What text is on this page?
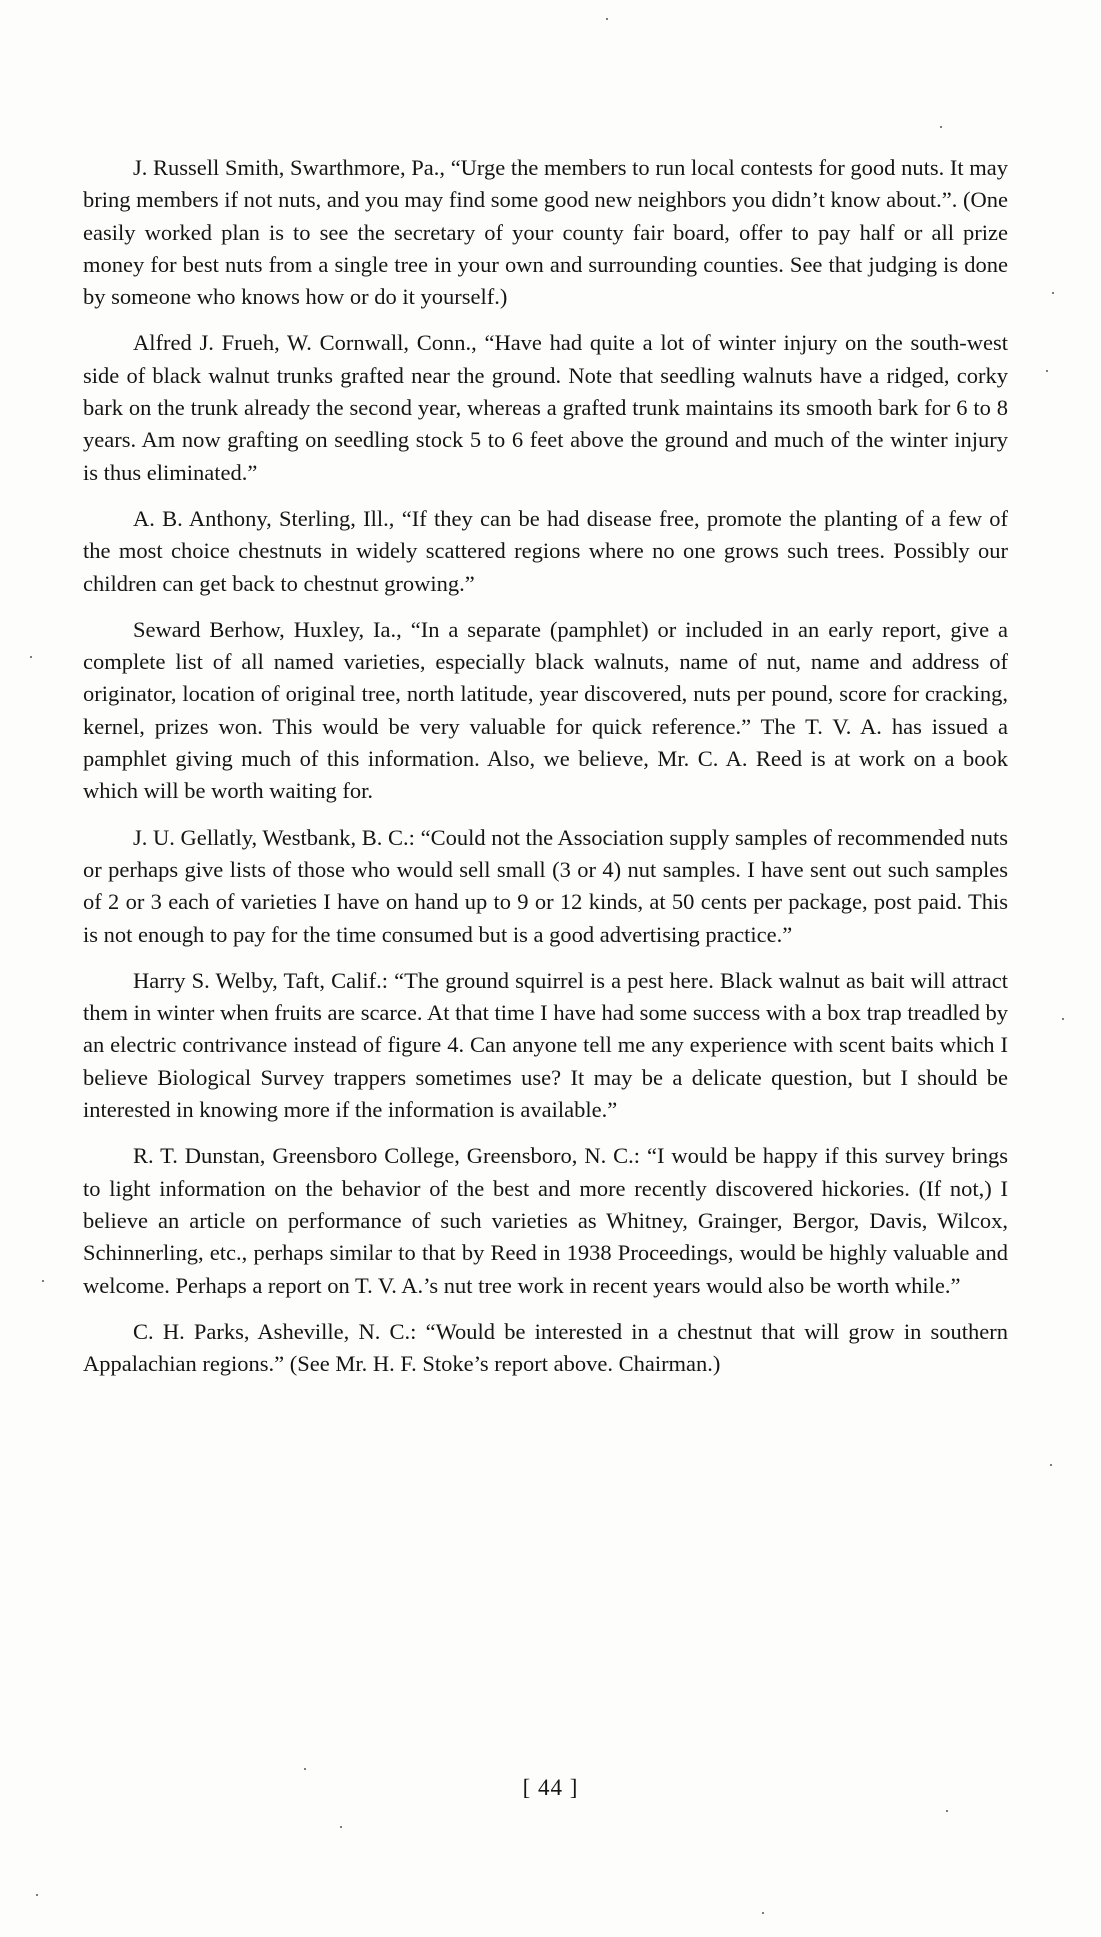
J. Russell Smith, Swarthmore, Pa., “Urge the members to run local contests for good nuts. It may bring members if not nuts, and you may find some good new neighbors you didn’t know about.”. (One easily worked plan is to see the secretary of your county fair board, offer to pay half or all prize money for best nuts from a single tree in your own and surrounding counties. See that judging is done by someone who knows how or do it yourself.)

Alfred J. Frueh, W. Cornwall, Conn., “Have had quite a lot of winter injury on the south-west side of black walnut trunks grafted near the ground. Note that seedling walnuts have a ridged, corky bark on the trunk already the second year, whereas a grafted trunk maintains its smooth bark for 6 to 8 years. Am now grafting on seedling stock 5 to 6 feet above the ground and much of the winter injury is thus eliminated.”

A. B. Anthony, Sterling, Ill., “If they can be had disease free, promote the planting of a few of the most choice chestnuts in widely scattered regions where no one grows such trees. Possibly our children can get back to chestnut growing.”

Seward Berhow, Huxley, Ia., “In a separate (pamphlet) or included in an early report, give a complete list of all named varieties, especially black walnuts, name of nut, name and address of originator, location of original tree, north latitude, year discovered, nuts per pound, score for cracking, kernel, prizes won. This would be very valuable for quick reference.” The T. V. A. has issued a pamphlet giving much of this information. Also, we believe, Mr. C. A. Reed is at work on a book which will be worth waiting for.

J. U. Gellatly, Westbank, B. C.: “Could not the Association supply samples of recommended nuts or perhaps give lists of those who would sell small (3 or 4) nut samples. I have sent out such samples of 2 or 3 each of varieties I have on hand up to 9 or 12 kinds, at 50 cents per package, post paid. This is not enough to pay for the time consumed but is a good advertising practice.”

Harry S. Welby, Taft, Calif.: “The ground squirrel is a pest here. Black walnut as bait will attract them in winter when fruits are scarce. At that time I have had some success with a box trap treadled by an electric contrivance instead of figure 4. Can anyone tell me any experience with scent baits which I believe Biological Survey trappers sometimes use? It may be a delicate question, but I should be interested in knowing more if the information is available.”

R. T. Dunstan, Greensboro College, Greensboro, N. C.: “I would be happy if this survey brings to light information on the behavior of the best and more recently discovered hickories. (If not,) I believe an article on performance of such varieties as Whitney, Grainger, Bergor, Davis, Wilcox, Schinnerling, etc., perhaps similar to that by Reed in 1938 Proceedings, would be highly valuable and welcome. Perhaps a report on T. V. A.’s nut tree work in recent years would also be worth while.”

C. H. Parks, Asheville, N. C.: “Would be interested in a chestnut that will grow in southern Appalachian regions.” (See Mr. H. F. Stoke’s report above. Chairman.)

[ 44 ]
